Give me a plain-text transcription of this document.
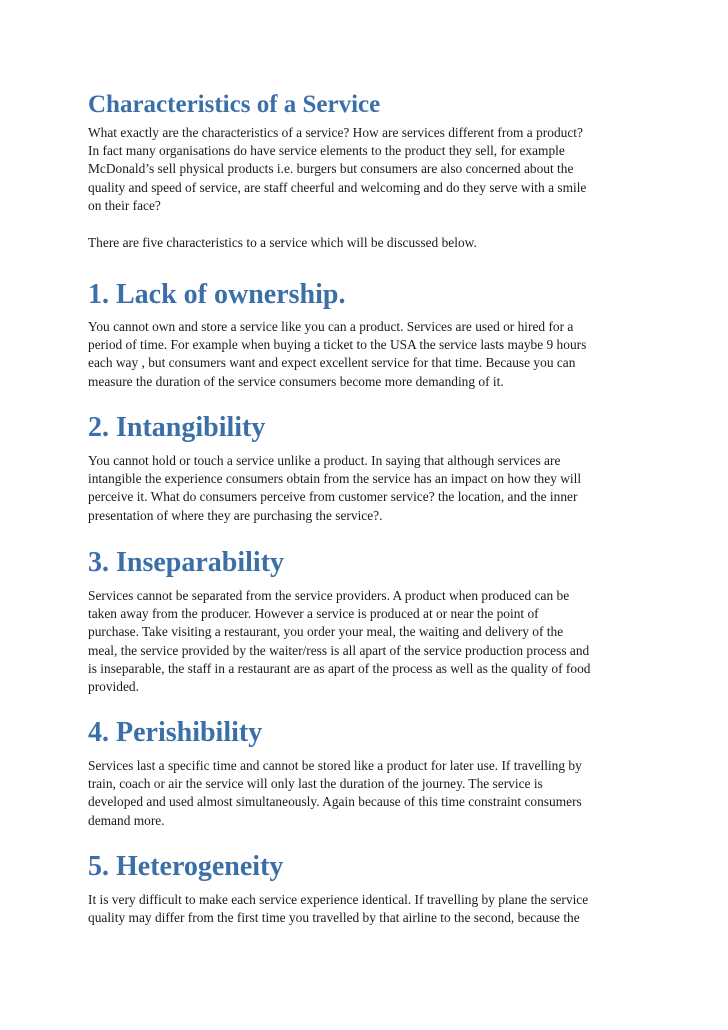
Characteristics of a Service

What exactly are the characteristics of a service? How are services different from a product?
In fact many organisations do have service elements to the product they sell, for example
McDonald’s sell physical products i.e. burgers but consumers are also concerned about the
quality and speed of service, are staff cheerful and welcoming and do they serve with a smile
on their face?

There are five characteristics to a service which will be discussed below.

1. Lack of ownership.

You cannot own and store a service like you can a product. Services are used or hired for a
period of time. For example when buying a ticket to the USA the service lasts maybe 9 hours
each way , but consumers want and expect excellent service for that time. Because you can
measure the duration of the service consumers become more demanding of it.

2. Intangibility

You cannot hold or touch a service unlike a product. In saying that although services are
intangible the experience consumers obtain from the service has an impact on how they will
perceive it. What do consumers perceive from customer service? the location, and the inner
presentation of where they are purchasing the service?.

3. Inseparability

Services cannot be separated from the service providers. A product when produced can be
taken away from the producer. However a service is produced at or near the point of
purchase. Take visiting a restaurant, you order your meal, the waiting and delivery of the
meal, the service provided by the waiter/ress is all apart of the service production process and
is inseparable, the staff in a restaurant are as apart of the process as well as the quality of food
provided.

4. Perishibility

Services last a specific time and cannot be stored like a product for later use. If travelling by
train, coach or air the service will only last the duration of the journey. The service is
developed and used almost simultaneously. Again because of this time constraint consumers
demand more.

5. Heterogeneity

It is very difficult to make each service experience identical. If travelling by plane the service
quality may differ from the first time you travelled by that airline to the second, because the
